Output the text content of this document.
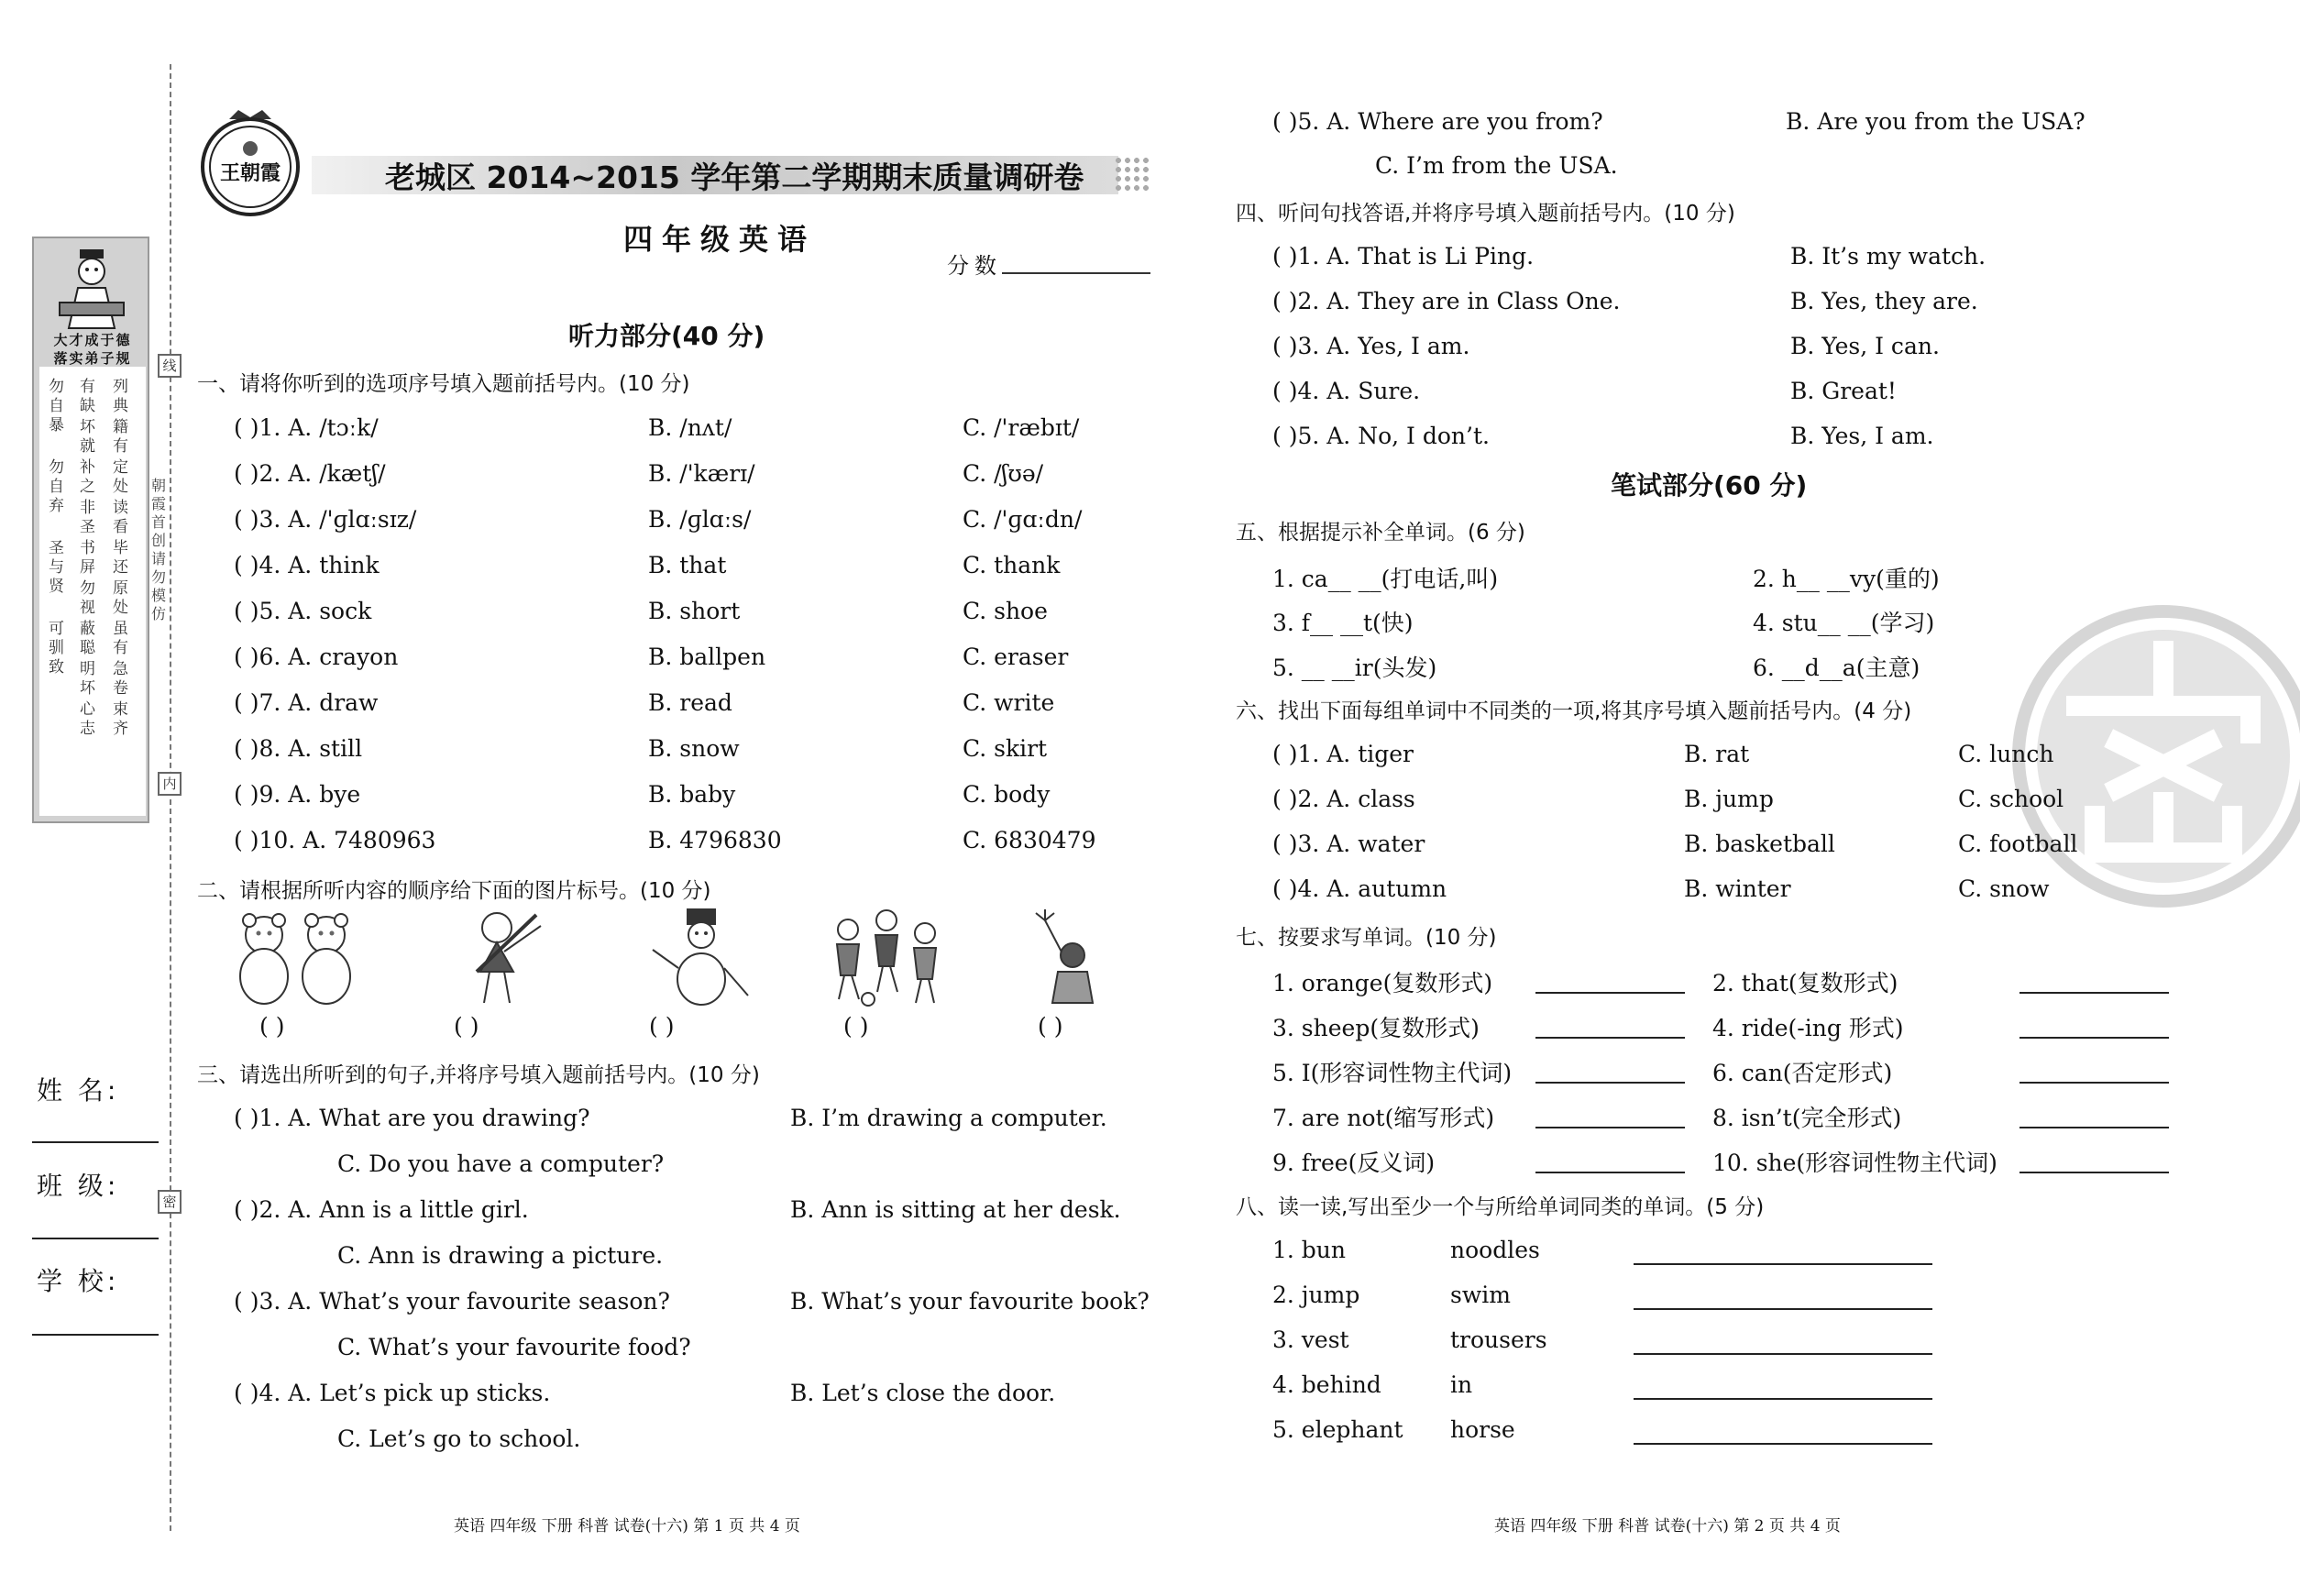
线
内
密
朝
霞
首
创
请
勿
模
仿
大才成于德
落实弟子规
勿自暴
勿自弃
圣与贤
可驯致
有缺
坏就
补之
非圣
书屏
勿视
蔽聪
明坏
心志
列典
籍有
定处
读看
毕还
原处
虽有
急卷
束齐
姓 名:
班 级:
学 校:
王朝霞	老城区 2014~2015 学年第二学期期末质量调研卷
四年级英语
分数
听力部分(40 分)
一、请将你听到的选项序号填入题前括号内。(10 分)
( )1. A. /tɔːk/	B. /nʌt/	C. /'ræbɪt/
( )2. A. /kætʃ/	B. /'kærɪ/	C. /ʃʊə/
( )3. A. /'ɡlɑːsɪz/	B. /ɡlɑːs/	C. /'ɡɑːdn/
( )4. A. think	B. that	C. thank
( )5. A. sock	B. short	C. shoe
( )6. A. crayon	B. ballpen	C. eraser
( )7. A. draw	B. read	C. write
( )8. A. still	B. snow	C. skirt
( )9. A. bye	B. baby	C. body
( )10. A. 7480963	B. 4796830	C. 6830479
二、请根据所听内容的顺序给下面的图片标号。(10 分)
( )	( )	( )	( )	( )
三、请选出所听到的句子,并将序号填入题前括号内。(10 分)
( )1. A. What are you drawing?	B. I’m drawing a computer.
C. Do you have a computer?
( )2. A. Ann is a little girl.	B. Ann is sitting at her desk.
C. Ann is drawing a picture.
( )3. A. What’s your favourite season?	B. What’s your favourite book?
C. What’s your favourite food?
( )4. A. Let’s pick up sticks.	B. Let’s close the door.
C. Let’s go to school.
英语 四年级 下册 科普 试卷(十六) 第 1 页 共 4 页
( )5. A. Where are you from?	B. Are you from the USA?
C. I’m from the USA.
四、听问句找答语,并将序号填入题前括号内。(10 分)
( )1. A. That is Li Ping.	B. It’s my watch.
( )2. A. They are in Class One.	B. Yes, they are.
( )3. A. Yes, I am.	B. Yes, I can.
( )4. A. Sure.	B. Great!
( )5. A. No, I don’t.	B. Yes, I am.
笔试部分(60 分)
五、根据提示补全单词。(6 分)
1. ca__ __(打电话,叫)	2. h__ __vy(重的)
3. f__ __t(快)	4. stu__ __(学习)
5. __ __ir(头发)	6. __d__a(主意)
六、找出下面每组单词中不同类的一项,将其序号填入题前括号内。(4 分)
( )1. A. tiger	B. rat	C. lunch
( )2. A. class	B. jump	C. school
( )3. A. water	B. basketball	C. football
( )4. A. autumn	B. winter	C. snow
七、按要求写单词。(10 分)
1. orange(复数形式)	2. that(复数形式)
3. sheep(复数形式)	4. ride(-ing 形式)
5. I(形容词性物主代词)	6. can(否定形式)
7. are not(缩写形式)	8. isn’t(完全形式)
9. free(反义词)	10. she(形容词性物主代词)
八、读一读,写出至少一个与所给单词同类的单词。(5 分)
1. bun	noodles
2. jump	swim
3. vest	trousers
4. behind	in
5. elephant horse
英语 四年级 下册 科普 试卷(十六) 第 2 页 共 4 页
